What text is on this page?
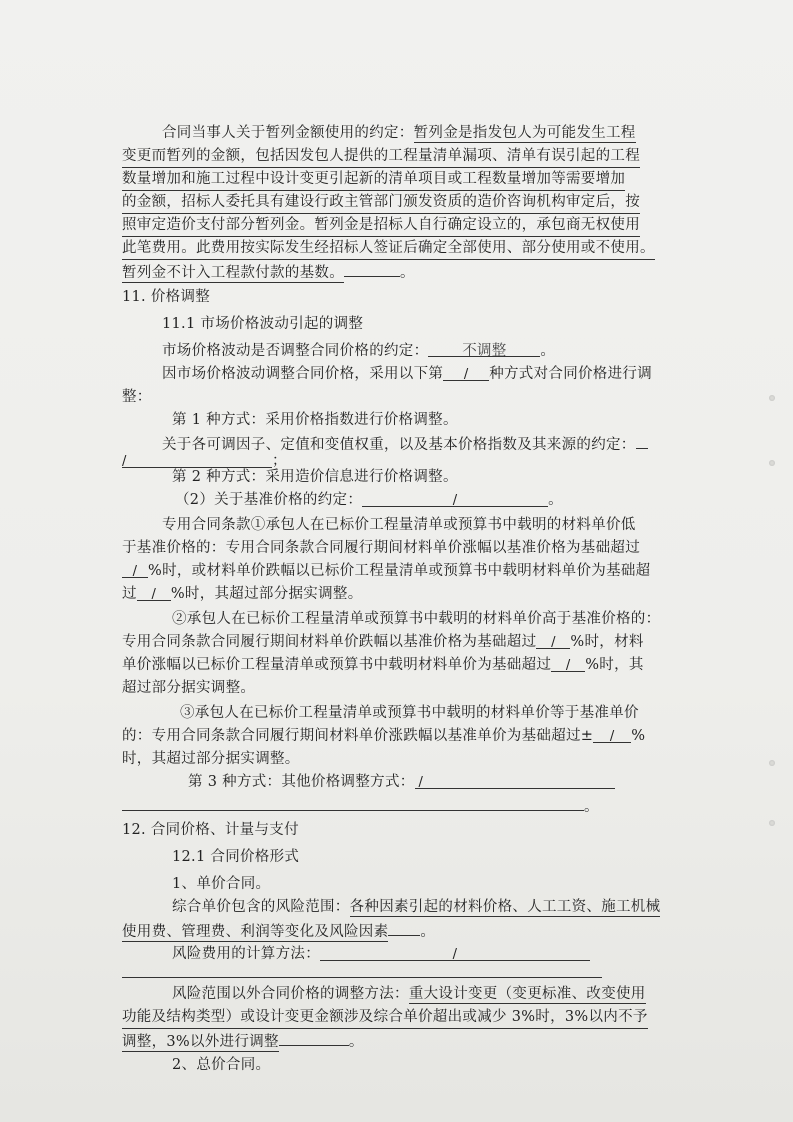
合同当事人关于暂列金额使用的约定：暂列金是指发包人为可能发生工程
变更而暂列的金额，包括因发包人提供的工程量清单漏项、清单有误引起的工程
数量增加和施工过程中设计变更引起新的清单项目或工程数量增加等需要增加
的金额，招标人委托具有建设行政主管部门颁发资质的造价咨询机构审定后，按
照审定造价支付部分暂列金。暂列金是招标人自行确定设立的，承包商无权使用
此笔费用。此费用按实际发生经招标人签证后确定全部使用、部分使用或不使用。
暂列金不计入工程款付款的基数。	。
11. 价格调整
11.1 市场价格波动引起的调整
市场价格波动是否调整合同价格的约定： 不调整 。
因市场价格波动调整合同价格，采用以下第 / 种方式对合同价格进行调
整：
第 1 种方式：采用价格指数进行价格调整。
关于各可调因子、定值和变值权重，以及基本价格指数及其来源的约定：
/	；
第 2 种方式：采用造价信息进行价格调整。
（2）关于基准价格的约定：	/	。
专用合同条款①承包人在已标价工程量清单或预算书中载明的材料单价低
于基准价格的：专用合同条款合同履行期间材料单价涨幅以基准价格为基础超过
/ %时，或材料单价跌幅以已标价工程量清单或预算书中载明材料单价为基础超
过 / %时，其超过部分据实调整。
②承包人在已标价工程量清单或预算书中载明的材料单价高于基准价格的：
专用合同条款合同履行期间材料单价跌幅以基准价格为基础超过 / %时，材料
单价涨幅以已标价工程量清单或预算书中载明材料单价为基础超过 / %时，其
超过部分据实调整。
③承包人在已标价工程量清单或预算书中载明的材料单价等于基准单价
的：专用合同条款合同履行期间材料单价涨跌幅以基准单价为基础超过± / %
时，其超过部分据实调整。
第 3 种方式：其他价格调整方式： /
。
12. 合同价格、计量与支付
12.1 合同价格形式
1、单价合同。
综合单价包含的风险范围：各种因素引起的材料价格、人工工资、施工机械
使用费、管理费、利润等变化及风险因素 。
风险费用的计算方法：	/
风险范围以外合同价格的调整方法：重大设计变更（变更标准、改变使用
功能及结构类型）或设计变更金额涉及综合单价超出或减少 3%时，3%以内不予
调整，3%以外进行调整	。
2、总价合同。
